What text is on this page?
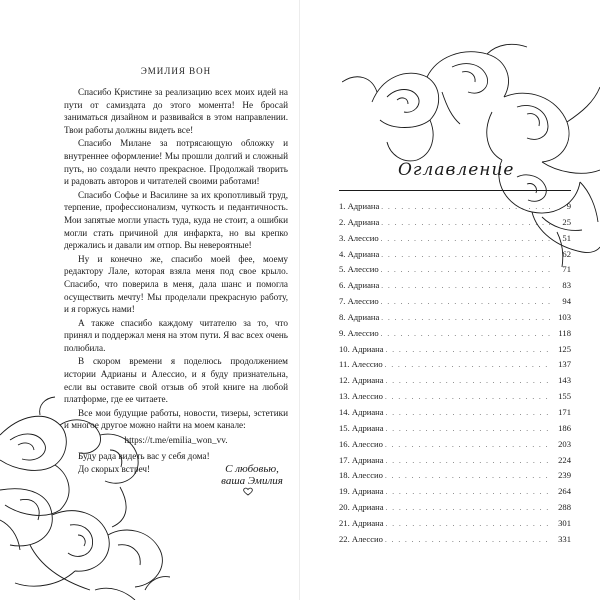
ЭМИЛИЯ ВОН

Спасибо Кристине за реализацию всех моих идей на пути от самиздата до этого момента! Не бросай заниматься дизайном и развивайся в этом направлении. Твои работы должны видеть все!

Спасибо Милане за потрясающую обложку и внутреннее оформление! Мы прошли долгий и сложный путь, но создали нечто прекрасное. Продолжай творить и радовать авторов и читателей своими работами!

Спасибо Софье и Василине за их кропотливый труд, терпение, профессионализм, чуткость и педантичность. Мои запятые могли упасть туда, куда не стоит, а ошибки могли стать причиной для инфаркта, но вы крепко держались и давали им отпор. Вы невероятные!

Ну и конечно же, спасибо моей фее, моему редактору Лале, которая взяла меня под свое крыло. Спасибо, что поверила в меня, дала шанс и помогла осуществить мечту! Мы проделали прекрасную работу, и я горжусь нами!

А также спасибо каждому читателю за то, что принял и поддержал меня на этом пути. Я вас всех очень полюбила.

В скором времени я поделюсь продолжением истории Адрианы и Алессио, и я буду признательна, если вы оставите свой отзыв об этой книге на любой платформе, где ее читаете.

Все мои будущие работы, новости, тизеры, эстетики и многое другое можно найти на моем канале:

https://t.me/emilia_won_vv.

Буду рада видеть вас у себя дома!

До скорых встреч!	С любовью,
ваша Эмилия
Оглавление
1. Адриана . . .	9
2. Адриана . . .	25
3. Алессио . . .	51
4. Адриана . . .	62
5. Алессио . . .	71
6. Адриана . . .	83
7. Алессио . . .	94
8. Адриана . . .	103
9. Алессио . . .	118
10. Адриана . . .	125
11. Алессио . . .	137
12. Адриана . . .	143
13. Алессио . . .	155
14. Адриана . . .	171
15. Адриана . . .	186
16. Алессио . . .	203
17. Адриана . . .	224
18. Алессио . . .	239
19. Адриана . . .	264
20. Адриана . . .	288
21. Адриана . . .	301
22. Алессио . . .	331
